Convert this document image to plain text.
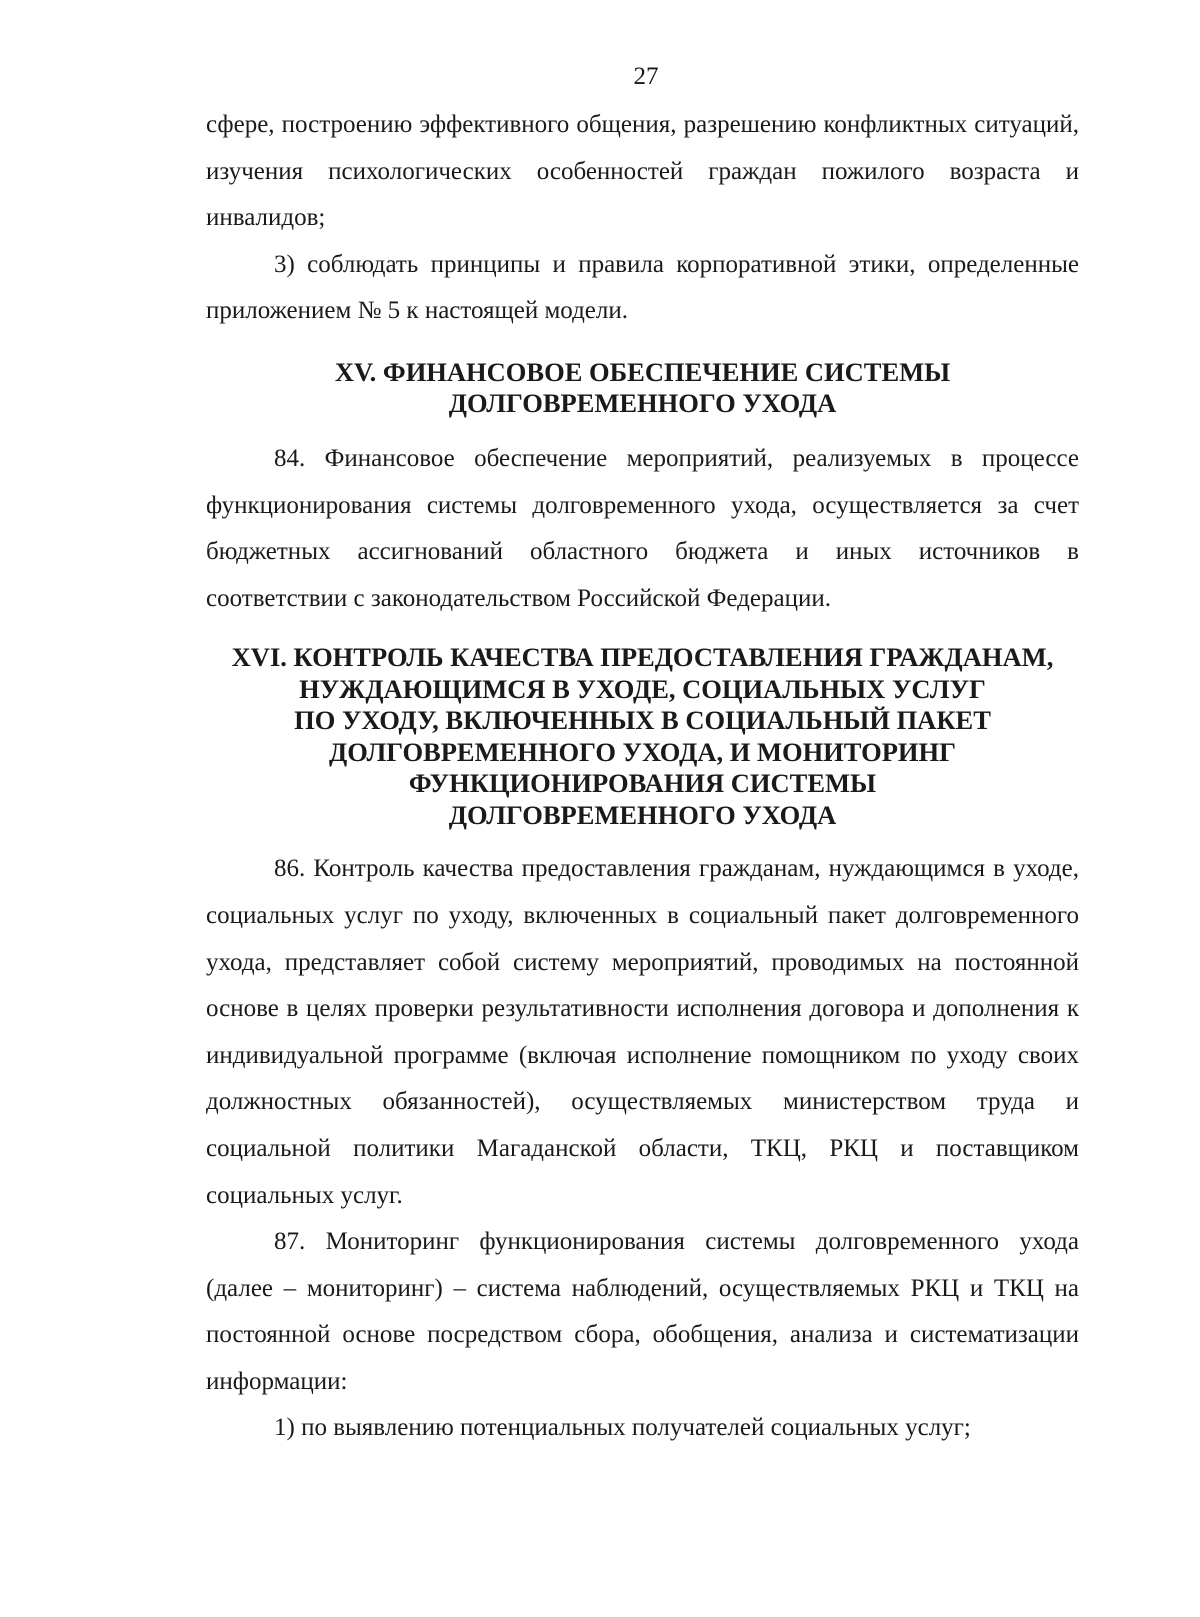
27

сфере, построению эффективного общения, разрешению конфликтных ситуаций, изучения психологических особенностей граждан пожилого возраста и инвалидов;

3) соблюдать принципы и правила корпоративной этики, определенные приложением № 5 к настоящей модели.

XV. ФИНАНСОВОЕ ОБЕСПЕЧЕНИЕ СИСТЕМЫ
ДОЛГОВРЕМЕННОГО УХОДА

84. Финансовое обеспечение мероприятий, реализуемых в процессе функционирования системы долговременного ухода, осуществляется за счет бюджетных ассигнований областного бюджета и иных источников в соответствии с законодательством Российской Федерации.

XVI. КОНТРОЛЬ КАЧЕСТВА ПРЕДОСТАВЛЕНИЯ ГРАЖДАНАМ,
НУЖДАЮЩИМСЯ В УХОДЕ, СОЦИАЛЬНЫХ УСЛУГ
ПО УХОДУ, ВКЛЮЧЕННЫХ В СОЦИАЛЬНЫЙ ПАКЕТ
ДОЛГОВРЕМЕННОГО УХОДА, И МОНИТОРИНГ
ФУНКЦИОНИРОВАНИЯ СИСТЕМЫ
ДОЛГОВРЕМЕННОГО УХОДА

86. Контроль качества предоставления гражданам, нуждающимся в уходе, социальных услуг по уходу, включенных в социальный пакет долговременного ухода, представляет собой систему мероприятий, проводимых на постоянной основе в целях проверки результативности исполнения договора и дополнения к индивидуальной программе (включая исполнение помощником по уходу своих должностных обязанностей), осуществляемых министерством труда и социальной политики Магаданской области, ТКЦ, РКЦ и поставщиком социальных услуг.

87. Мониторинг функционирования системы долговременного ухода (далее – мониторинг) – система наблюдений, осуществляемых РКЦ и ТКЦ на постоянной основе посредством сбора, обобщения, анализа и систематизации информации:

1) по выявлению потенциальных получателей социальных услуг;
